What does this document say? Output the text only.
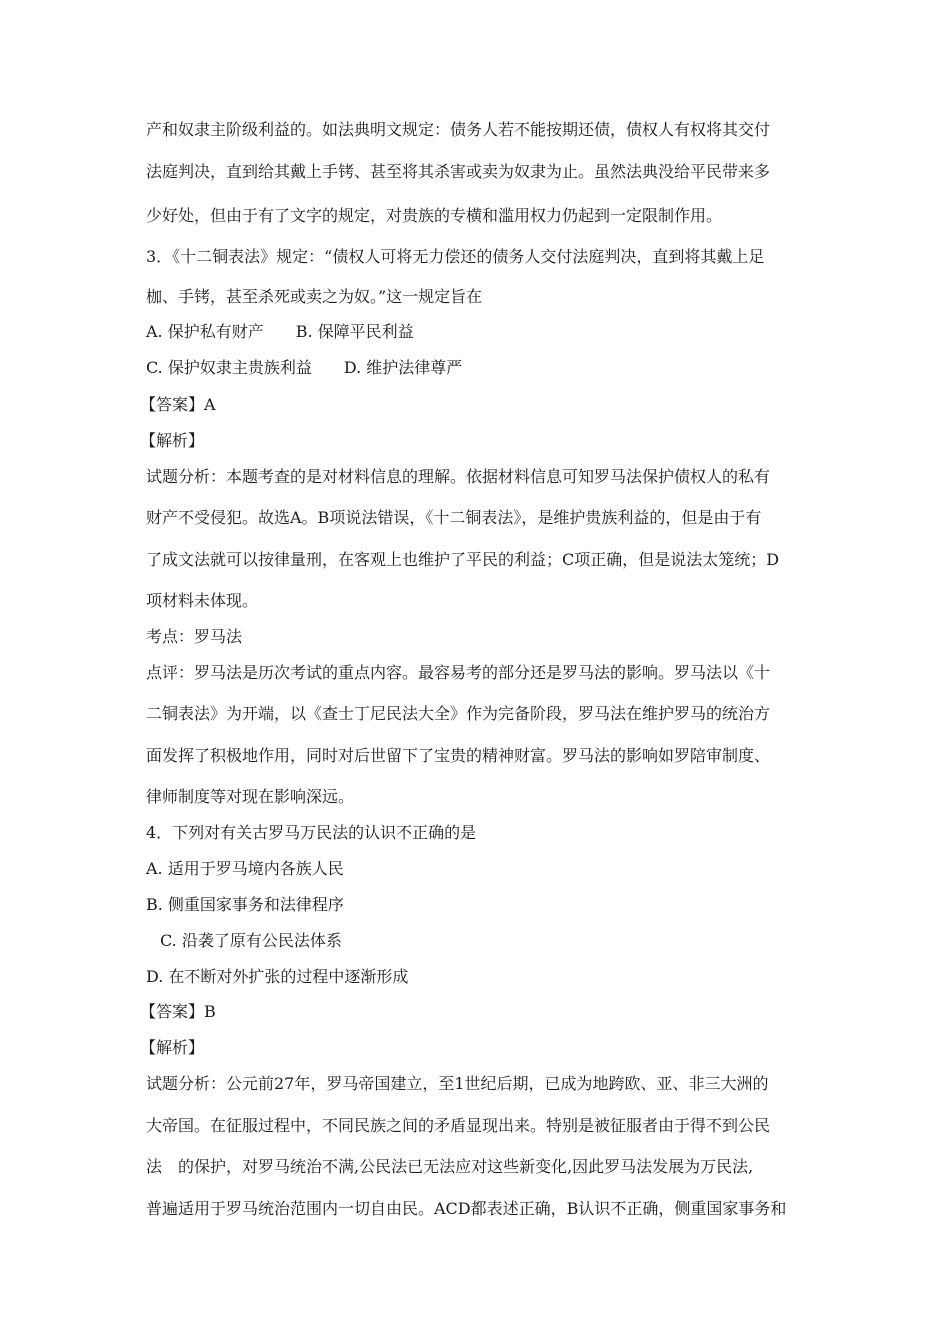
产和奴隶主阶级利益的。如法典明文规定：债务人若不能按期还债，债权人有权将其交付
法庭判决，直到给其戴上手铐、甚至将其杀害或卖为奴隶为止。虽然法典没给平民带来多
少好处，但由于有了文字的规定，对贵族的专横和滥用权力仍起到一定限制作用。
3．《十二铜表法》规定：“债权人可将无力偿还的债务人交付法庭判决，直到将其戴上足
枷、手铐，甚至杀死或卖之为奴。”这一规定旨在
A. 保护私有财产　　B. 保障平民利益
C. 保护奴隶主贵族利益　　D. 维护法律尊严
【答案】A
【解析】
试题分析：本题考查的是对材料信息的理解。依据材料信息可知罗马法保护债权人的私有
财产不受侵犯。故选A。B项说法错误，《十二铜表法》，是维护贵族利益的，但是由于有
了成文法就可以按律量刑，在客观上也维护了平民的利益；C项正确，但是说法太笼统；D
项材料未体现。
考点：罗马法
点评：罗马法是历次考试的重点内容。最容易考的部分还是罗马法的影响。罗马法以《十
二铜表法》为开端，以《查士丁尼民法大全》作为完备阶段，罗马法在维护罗马的统治方
面发挥了积极地作用，同时对后世留下了宝贵的精神财富。罗马法的影响如罗陪审制度、
律师制度等对现在影响深远。
4．下列对有关古罗马万民法的认识不正确的是
A. 适用于罗马境内各族人民
B. 侧重国家事务和法律程序
C. 沿袭了原有公民法体系
D. 在不断对外扩张的过程中逐渐形成
【答案】B
【解析】
试题分析：公元前27年，罗马帝国建立，至1世纪后期，已成为地跨欧、亚、非三大洲的
大帝国。在征服过程中，不同民族之间的矛盾显现出来。特别是被征服者由于得不到公民
法　的保护，对罗马统治不满,公民法已无法应对这些新变化,因此罗马法发展为万民法,
普遍适用于罗马统治范围内一切自由民。ACD都表述正确，B认识不正确，侧重国家事务和
